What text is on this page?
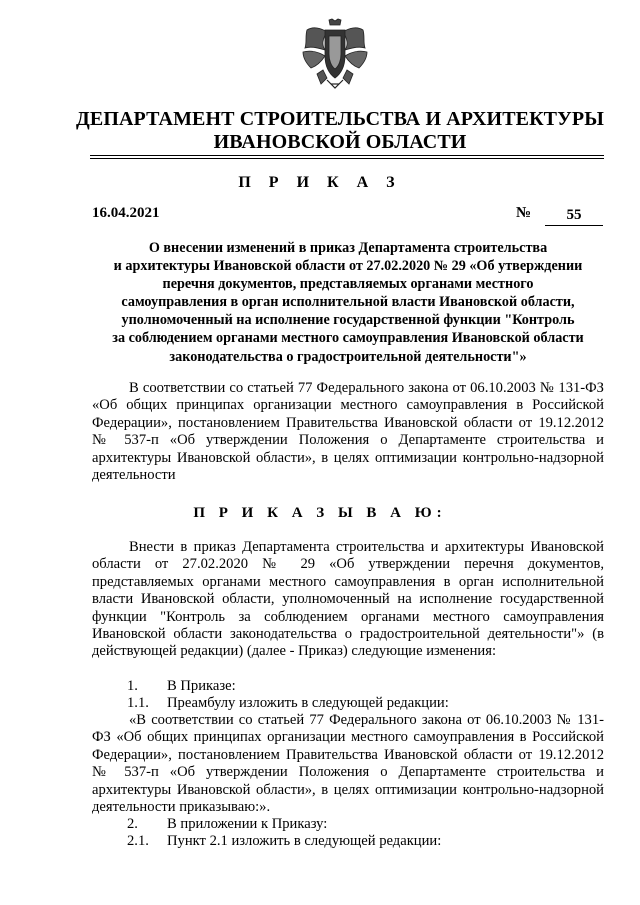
ДЕПАРТАМЕНТ СТРОИТЕЛЬСТВА И АРХИТЕКТУРЫ
ИВАНОВСКОЙ ОБЛАСТИ
П Р И К А З
16.04.2021	№	55
О внесении изменений в приказ Департамента строительства
и архитектуры Ивановской области от 27.02.2020 № 29 «Об утверждении
перечня документов, представляемых органами местного
самоуправления в орган исполнительной власти Ивановской области,
уполномоченный на исполнение государственной функции "Контроль
за соблюдением органами местного самоуправления Ивановской области
законодательства о градостроительной деятельности"»
В соответствии со статьей 77 Федерального закона от 06.10.2003 № 131-ФЗ «Об общих принципах организации местного самоуправления в Российской Федерации», постановлением Правительства Ивановской области от 19.12.2012 № 537-п «Об утверждении Положения о Департаменте строительства и архитектуры Ивановской области», в целях оптимизации контрольно-надзорной деятельности
П Р И К А З Ы В А Ю:
Внести в приказ Департамента строительства и архитектуры Ивановской области от 27.02.2020 № 29 «Об утверждении перечня документов, представляемых органами местного самоуправления в орган исполнительной власти Ивановской области, уполномоченный на исполнение государственной функции "Контроль за соблюдением органами местного самоуправления Ивановской области законодательства о градостроительной деятельности"» (в действующей редакции) (далее - Приказ) следующие изменения:
1. В Приказе:
1.1. Преамбулу изложить в следующей редакции:
«В соответствии со статьей 77 Федерального закона от 06.10.2003 № 131-ФЗ «Об общих принципах организации местного самоуправления в Российской Федерации», постановлением Правительства Ивановской области от 19.12.2012 № 537-п «Об утверждении Положения о Департаменте строительства и архитектуры Ивановской области», в целях оптимизации контрольно-надзорной деятельности приказываю:».
2. В приложении к Приказу:
2.1. Пункт 2.1 изложить в следующей редакции:
